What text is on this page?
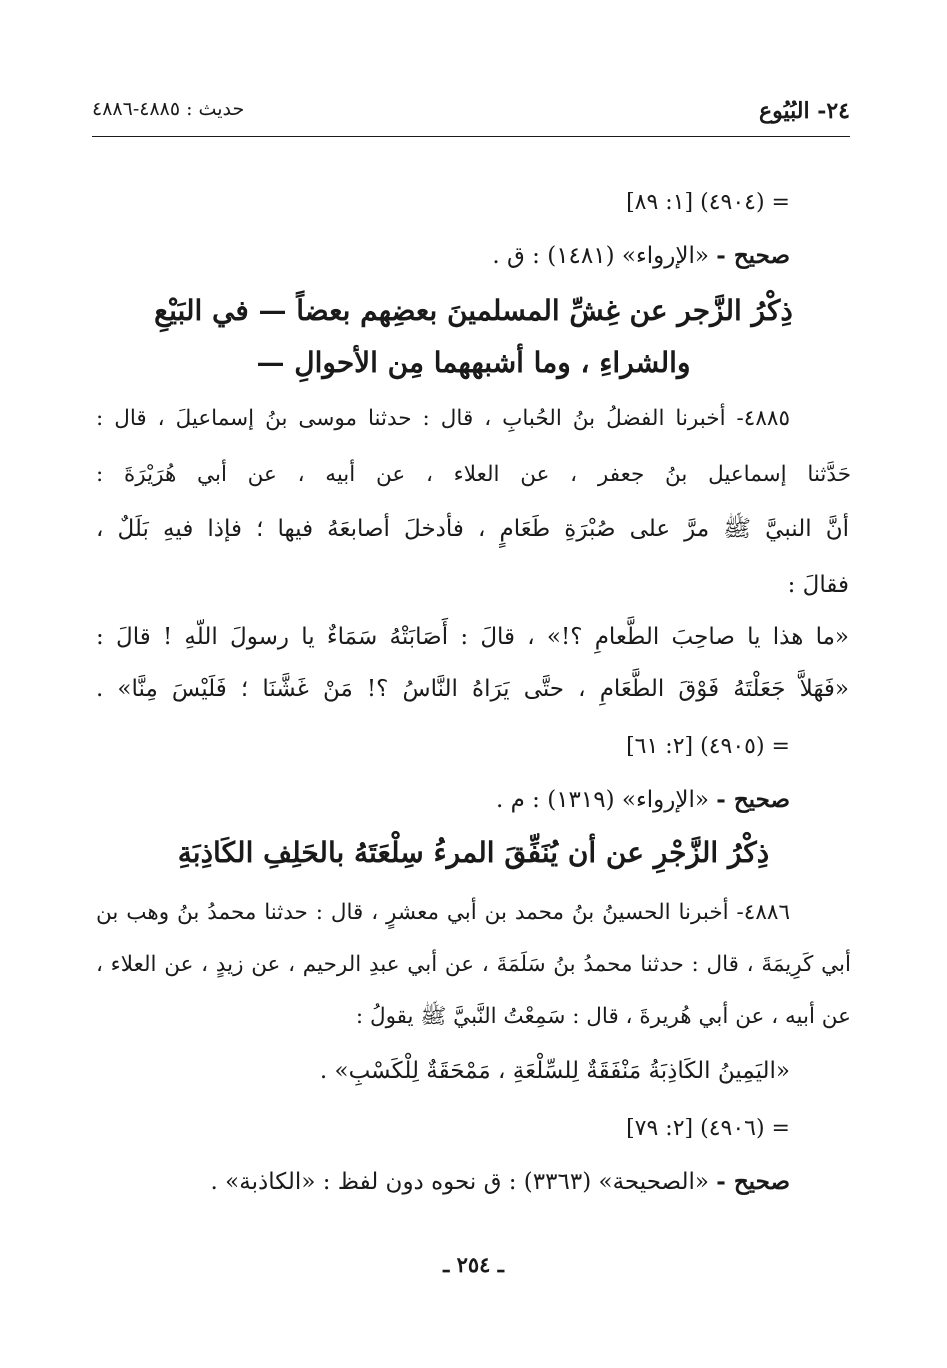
٢٤- البُيُوع
حديث : ٤٨٨٥-٤٨٨٦
= (٤٩٠٤) [١: ٨٩]
صحيح - «الإرواء» (١٤٨١) : ق .
ذِكْرُ الزَّجر عن غِشِّ المسلمينَ بعضِهم بعضاً — في البَيْعِ
والشراءِ ، وما أشبههما مِن الأحوالِ —
٤٨٨٥- أخبرنا الفضلُ بنُ الحُبابِ ، قال : حدثنا موسى بنُ إسماعيلَ ، قال :
حَدَّثنا إسماعيل بنُ جعفر ، عن العلاء ، عن أبيه ، عن أبي هُرَيْرَةَ :
أنَّ النبيَّ ﷺ مرَّ على صُبْرَةِ طَعَامٍ ، فأدخلَ أصابعَهُ فيها ؛ فإذا فيهِ بَلَلٌ ،
فقالَ :
«ما هذا يا صاحِبَ الطَّعامِ ؟!» ، قالَ : أَصَابَتْهُ سَمَاءٌ يا رسولَ اللّهِ ! قالَ :
«فَهَلاَّ جَعَلْتَهُ فَوْقَ الطَّعَامِ ، حتَّى يَرَاهُ النَّاسُ ؟! مَنْ غَشَّنَا ؛ فَلَيْسَ مِنَّا» .
= (٤٩٠٥) [٢: ٦١]
صحيح - «الإرواء» (١٣١٩) : م .
ذِكْرُ الزَّجْرِ عن أن يُنَفِّقَ المرءُ سِلْعَتَهُ بالحَلِفِ الكَاذِبَةِ
٤٨٨٦- أخبرنا الحسينُ بنُ محمد بن أبي معشرٍ ، قال : حدثنا محمدُ بنُ وهب بن
أبي كَرِيمَةَ ، قال : حدثنا محمدُ بنُ سَلَمَةَ ، عن أبي عبدِ الرحيم ، عن زيدٍ ، عن العلاء ،
عن أبيه ، عن أبي هُريرةَ ، قال : سَمِعْتُ النَّبيَّ ﷺ يقولُ :
«اليَمِينُ الكَاذِبَةُ مَنْفَقَةٌ لِلسِّلْعَةِ ، مَمْحَقَةٌ لِلْكَسْبِ» .
= (٤٩٠٦) [٢: ٧٩]
صحيح - «الصحيحة» (٣٣٦٣) : ق نحوه دون لفظ : «الكاذبة» .
ـ ٢٥٤ ـ
